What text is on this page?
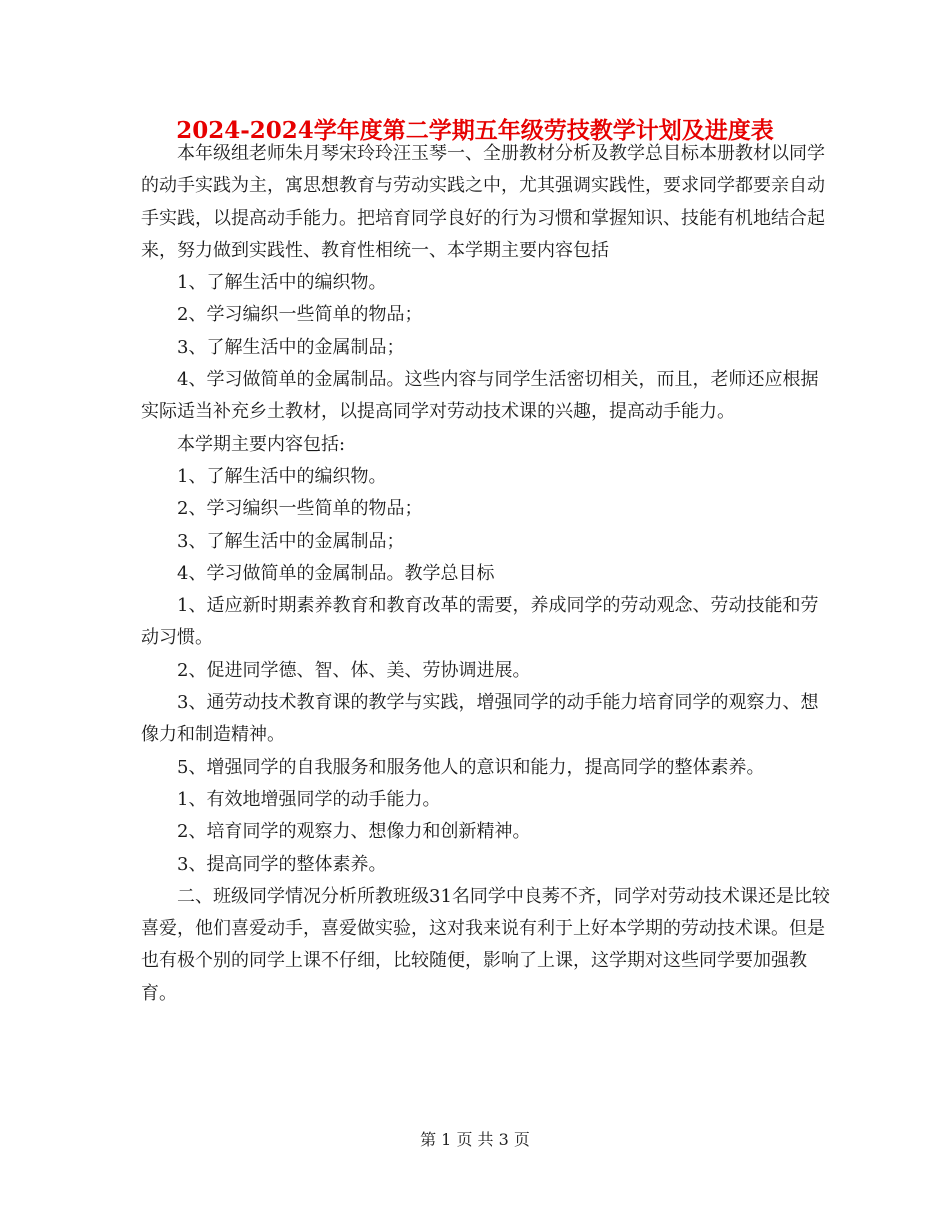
2024-2024学年度第二学期五年级劳技教学计划及进度表

本年级组老师朱月琴宋玲玲汪玉琴一、全册教材分析及教学总目标本册教材以同学的动手实践为主，寓思想教育与劳动实践之中，尤其强调实践性，要求同学都要亲自动手实践，以提高动手能力。把培育同学良好的行为习惯和掌握知识、技能有机地结合起来，努力做到实践性、教育性相统一、本学期主要内容包括

1、了解生活中的编织物。

2、学习编织一些简单的物品；

3、了解生活中的金属制品；

4、学习做简单的金属制品。这些内容与同学生活密切相关，而且，老师还应根据实际适当补充乡土教材，以提高同学对劳动技术课的兴趣，提高动手能力。

本学期主要内容包括:

1、了解生活中的编织物。

2、学习编织一些简单的物品；

3、了解生活中的金属制品；

4、学习做简单的金属制品。教学总目标

1、适应新时期素养教育和教育改革的需要，养成同学的劳动观念、劳动技能和劳动习惯。

2、促进同学德、智、体、美、劳协调进展。

3、通劳动技术教育课的教学与实践，增强同学的动手能力培育同学的观察力、想像力和制造精神。

5、增强同学的自我服务和服务他人的意识和能力，提高同学的整体素养。

1、有效地增强同学的动手能力。

2、培育同学的观察力、想像力和创新精神。

3、提高同学的整体素养。

二、班级同学情况分析所教班级31名同学中良莠不齐，同学对劳动技术课还是比较喜爱，他们喜爱动手，喜爱做实验，这对我来说有利于上好本学期的劳动技术课。但是也有极个别的同学上课不仔细，比较随便，影响了上课，这学期对这些同学要加强教育。

第 1 页 共 3 页
